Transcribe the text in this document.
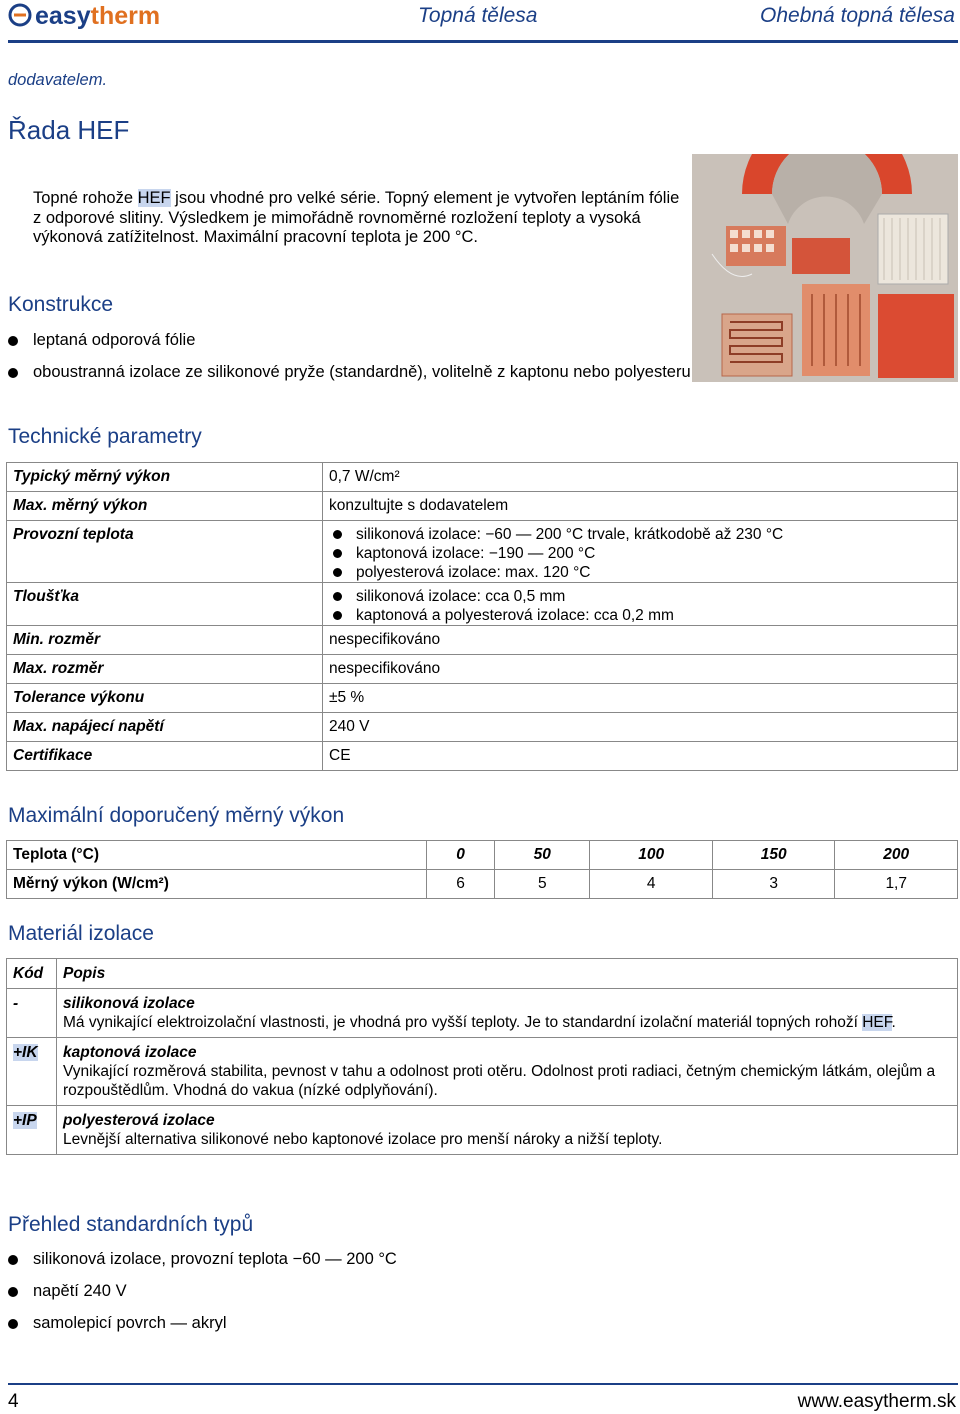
easytherm	Topná tělesa	Ohebná topná tělesa
dodavatelem.
Řada HEF
Topné rohože HEF jsou vhodné pro velké série. Topný element je vytvořen leptáním fólie z odporové slitiny. Výsledkem je mimořádně rovnoměrné rozložení teploty a vysoká výkonová zatížitelnost. Maximální pracovní teplota je 200 °C.
Konstrukce
leptaná odporová fólie
oboustranná izolace ze silikonové pryže (standardně), volitelně z kaptonu nebo polyesteru
Technické parametry
Typický měrný výkon	0,7 W/cm²
Max. měrný výkon	konzultujte s dodavatelem
Provozní teplota	silikonová izolace: −60 — 200 °C trvale, krátkodobě až 230 °C
kaptonová izolace: −190 — 200 °C
polyesterová izolace: max. 120 °C

Tloušťka	silikonová izolace: cca 0,5 mm
kaptonová a polyesterová izolace: cca 0,2 mm

Min. rozměr	nespecifikováno
Max. rozměr	nespecifikováno
Tolerance výkonu	±5 %
Max. napájecí napětí	240 V
Certifikace	CE
Maximální doporučený měrný výkon
Teplota (°C)	0	50	100	150	200
Měrný výkon (W/cm²)	6	5	4	3	1,7
Materiál izolace
Kód	Popis
-	silikonová izolace
Má vynikající elektroizolační vlastnosti, je vhodná pro vyšší teploty. Je to standardní izolační materiál topných rohoží HEF.

+IK	kaptonová izolace
Vynikající rozměrová stabilita, pevnost v tahu a odolnost proti otěru. Odolnost proti radiaci, četným chemickým látkám, olejům a rozpouštědlům. Vhodná do vakua (nízké odplyňování).

+IP	polyesterová izolace
Levnější alternativa silikonové nebo kaptonové izolace pro menší nároky a nižší teploty.
Přehled standardních typů
silikonová izolace, provozní teplota −60 — 200 °C
napětí 240 V
samolepicí povrch — akryl
4	www.easytherm.sk
